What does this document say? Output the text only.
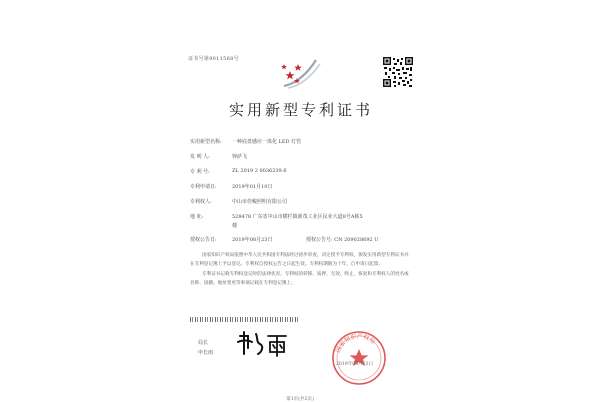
证书号第9011568号
实用新型专利证书
实用新型名称: 一种底盘感应一体化 LED 灯管
发 明 人:	钟萨飞
专 利 号:	ZL 2019 2 0036239.6
专利申请日:	2019年01月10日
专利权人:	中山市佳峻照明有限公司
地 址:	528478 广东省中山市横栏镇新茂工业区民业大道8号A栋5
楼
授权公告日:	2019年08月23日	授权公告号: CN 209028692 U

国家知识产权局依照中华人民共和国专利法经过初步审查，决定授予专利权，颁发实用新型专利证书并在专利登记簿上予以登记。专利权自授权公告之日起生效。专利权期限为十年，自申请日起算。

专利证书记载专利权登记时的法律状况。专利权的转移、质押、无效、终止、恢复和专利权人的姓名或名称、国籍、地址变更等事项记载在专利登记簿上。

局长
申长雨	国家知识产权局
2019年08月23日
第1页(共2页)
